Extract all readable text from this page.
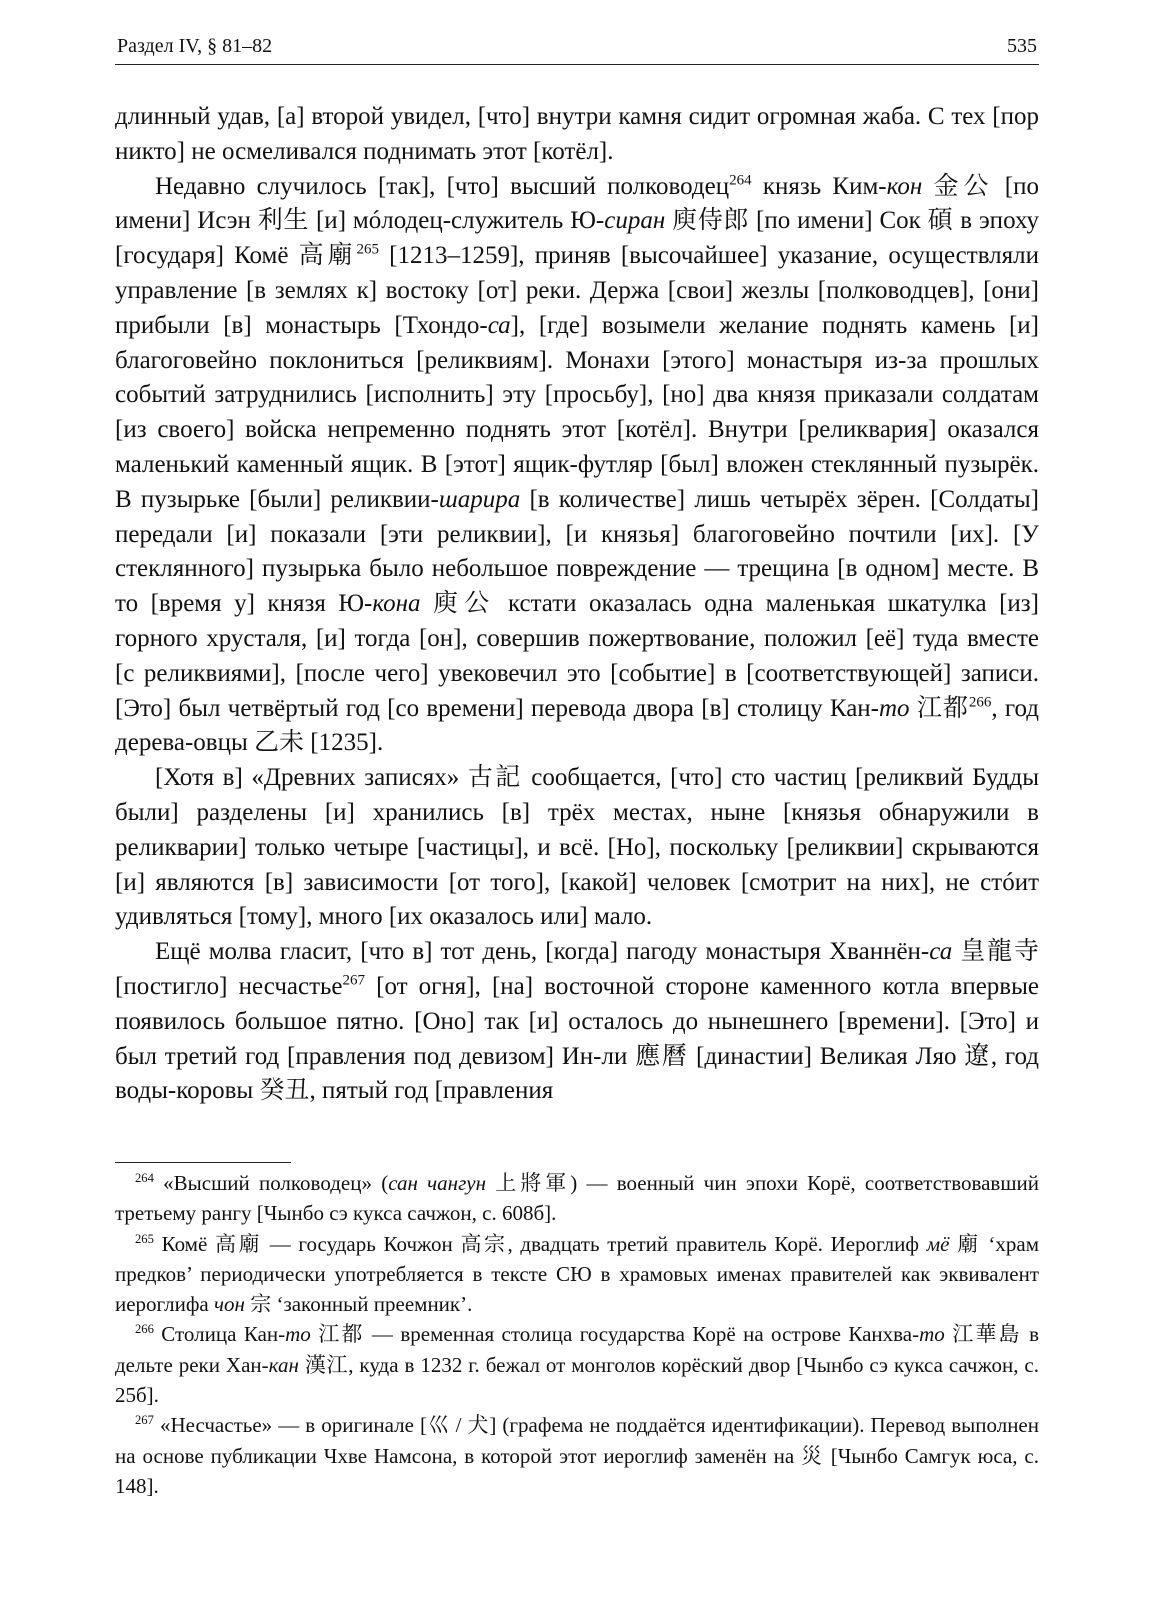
Раздел IV, § 81–82	535

длинный удав, [а] второй увидел, [что] внутри камня сидит огромная жаба. С тех [пор никто] не осмеливался поднимать этот [котёл].

Недавно случилось [так], [что] высший полководец$^{264}$ князь Ким-кон 金公 [по имени] Исэн 利生 [и] мóлодец-служитель Ю-сиран 庾侍郎 [по имени] Сок 碩 в эпоху [государя] Комё 高廟$^{265}$ [1213–1259], приняв [высочайшее] указание, осуществляли управление [в землях к] востоку [от] реки. Держа [свои] жезлы [полководцев], [они] прибыли [в] монастырь [Тхондо-са], [где] возымели желание поднять камень [и] благоговейно поклониться [реликвиям]. Монахи [этого] монастыря из-за прошлых событий затруднились [исполнить] эту [просьбу], [но] два князя приказали солдатам [из своего] войска непременно поднять этот [котёл]. Внутри [реликвария] оказался маленький каменный ящик. В [этот] ящик-футляр [был] вложен стеклянный пузырёк. В пузырьке [были] реликвии-шарира [в количестве] лишь четырёх зёрен. [Солдаты] передали [и] показали [эти реликвии], [и князья] благоговейно почтили [их]. [У стеклянного] пузырька было небольшое повреждение — трещина [в одном] месте. В то [время у] князя Ю-кона 庾公 кстати оказалась одна маленькая шкатулка [из] горного хрусталя, [и] тогда [он], совершив пожертвование, положил [её] туда вместе [с реликвиями], [после чего] увековечил это [событие] в [соответствующей] записи. [Это] был четвёртый год [со времени] перевода двора [в] столицу Кан-то 江都$^{266}$, год дерева-овцы 乙未 [1235].

[Хотя в] «Древних записях» 古記 сообщается, [что] сто частиц [реликвий Будды были] разделены [и] хранились [в] трёх местах, ныне [князья обнаружили в реликварии] только четыре [частицы], и всё. [Но], поскольку [реликвии] скрываются [и] являются [в] зависимости [от того], [какой] человек [смотрит на них], не стóит удивляться [тому], много [их оказалось или] мало.

Ещё молва гласит, [что в] тот день, [когда] пагоду монастыря Хваннён-са 皇龍寺 [постигло] несчастье$^{267}$ [от огня], [на] восточной стороне каменного котла впервые появилось большое пятно. [Оно] так [и] осталось до нынешнего [времени]. [Это] и был третий год [правления под девизом] Ин-ли 應曆 [династии] Великая Ляо 遼, год воды-коровы 癸丑, пятый год [правления

$^{264}$ «Высший полководец» (сан чангун 上將軍) — военный чин эпохи Корё, соответствовавший третьему рангу [Чынбо сэ кукса сачжон, с. 608б].

$^{265}$ Комё 高廟 — государь Кочжон 高宗, двадцать третий правитель Корё. Иероглиф мё 廟 ‘храм предков’ периодически употребляется в тексте СЮ в храмовых именах правителей как эквивалент иероглифа чон 宗 ‘законный преемник’.

$^{266}$ Столица Кан-то 江都 — временная столица государства Корё на острове Канхва-то 江華島 в дельте реки Хан-кан 漢江, куда в 1232 г. бежал от монголов корёский двор [Чынбо сэ кукса сачжон, с. 25б].

$^{267}$ «Несчастье» — в оригинале [巛 / 犬] (графема не поддаётся идентификации). Перевод выполнен на основе публикации Чхве Намсона, в которой этот иероглиф заменён на 災 [Чынбо Самгук юса, с. 148].
